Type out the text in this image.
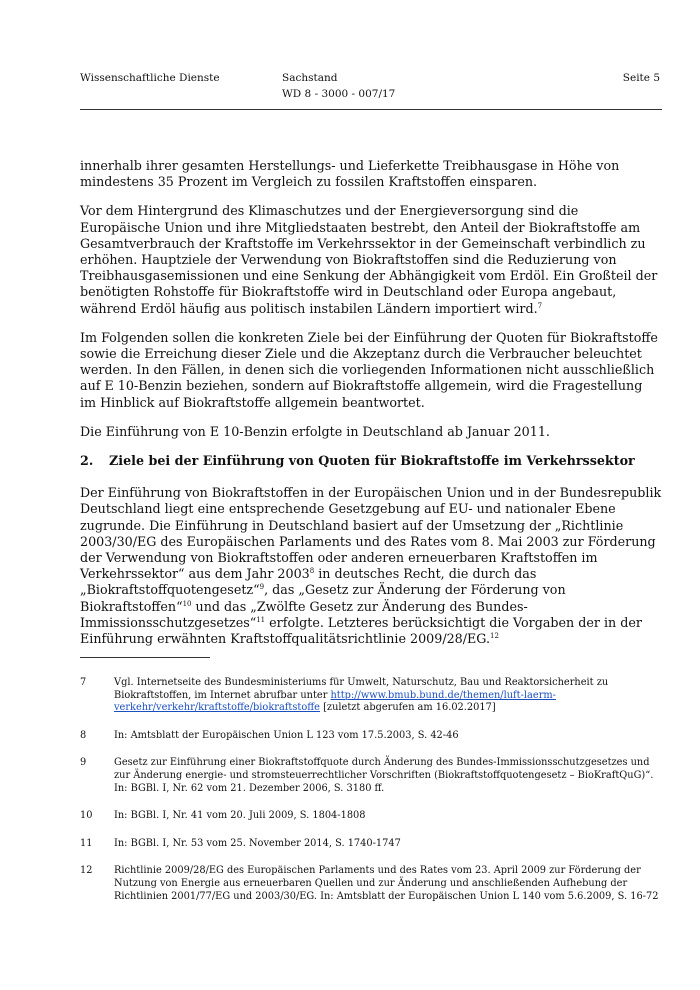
Wissenschaftliche Dienste	Sachstand
WD 8 - 3000 - 007/17
Seite 5

innerhalb ihrer gesamten Herstellungs- und Lieferkette Treibhausgase in Höhe von mindestens 35 Prozent im Vergleich zu fossilen Kraftstoffen einsparen.

Vor dem Hintergrund des Klimaschutzes und der Energieversorgung sind die Europäische Union und ihre Mitgliedstaaten bestrebt, den Anteil der Biokraftstoffe am Gesamtverbrauch der Kraftstoffe im Verkehrssektor in der Gemeinschaft verbindlich zu erhöhen. Hauptziele der Verwendung von Biokraftstoffen sind die Reduzierung von Treibhausgasemissionen und eine Senkung der Abhängigkeit vom Erdöl. Ein Großteil der benötigten Rohstoffe für Biokraftstoffe wird in Deutschland oder Europa angebaut, während Erdöl häufig aus politisch instabilen Ländern importiert wird.$^7$

Im Folgenden sollen die konkreten Ziele bei der Einführung der Quoten für Biokraftstoffe sowie die Erreichung dieser Ziele und die Akzeptanz durch die Verbraucher beleuchtet werden. In den Fällen, in denen sich die vorliegenden Informationen nicht ausschließlich auf E 10-Benzin beziehen, sondern auf Biokraftstoffe allgemein, wird die Fragestellung im Hinblick auf Biokraftstoffe allgemein beantwortet.

Die Einführung von E 10-Benzin erfolgte in Deutschland ab Januar 2011.

2.	Ziele bei der Einführung von Quoten für Biokraftstoffe im Verkehrssektor

Der Einführung von Biokraftstoffen in der Europäischen Union und in der Bundesrepublik Deutschland liegt eine entsprechende Gesetzgebung auf EU- und nationaler Ebene zugrunde. Die Einführung in Deutschland basiert auf der Umsetzung der „Richtlinie 2003/30/EG des Europäischen Parlaments und des Rates vom 8. Mai 2003 zur Förderung der Verwendung von Biokraftstoffen oder anderen erneuerbaren Kraftstoffen im Verkehrssektor“ aus dem Jahr 2003$^8$ in deutsches Recht, die durch das „Biokraftstoffquotengesetz“$^9$, das „Gesetz zur Änderung der Förderung von Biokraftstoffen“$^{10}$ und das „Zwölfte Gesetz zur Änderung des Bundes-Immissionsschutzgesetzes“$^{11}$ erfolgte. Letzteres berücksichtigt die Vorgaben der in der Einführung erwähnten Kraftstoffqualitätsrichtlinie 2009/28/EG.$^{12}$

7	Vgl. Internetseite des Bundesministeriums für Umwelt, Naturschutz, Bau und Reaktorsicherheit zu Biokraftstoffen, im Internet abrufbar unter http://www.bmub.bund.de/themen/luft-laerm-verkehr/verkehr/kraftstoffe/biokraftstoffe [zuletzt abgerufen am 16.02.2017]
8	In: Amtsblatt der Europäischen Union L 123 vom 17.5.2003, S. 42-46
9	Gesetz zur Einführung einer Biokraftstoffquote durch Änderung des Bundes-Immissionsschutzgesetzes und zur Änderung energie- und stromsteuerrechtlicher Vorschriften (Biokraftstoffquotengesetz – BioKraftQuG)“. In: BGBl. I, Nr. 62 vom 21. Dezember 2006, S. 3180 ff.
10	In: BGBl. I, Nr. 41 vom 20. Juli 2009, S. 1804-1808
11	In: BGBl. I, Nr. 53 vom 25. November 2014, S. 1740-1747
12	Richtlinie 2009/28/EG des Europäischen Parlaments und des Rates vom 23. April 2009 zur Förderung der Nutzung von Energie aus erneuerbaren Quellen und zur Änderung und anschließenden Aufhebung der Richtlinien 2001/77/EG und 2003/30/EG. In: Amtsblatt der Europäischen Union L 140 vom 5.6.2009, S. 16-72
